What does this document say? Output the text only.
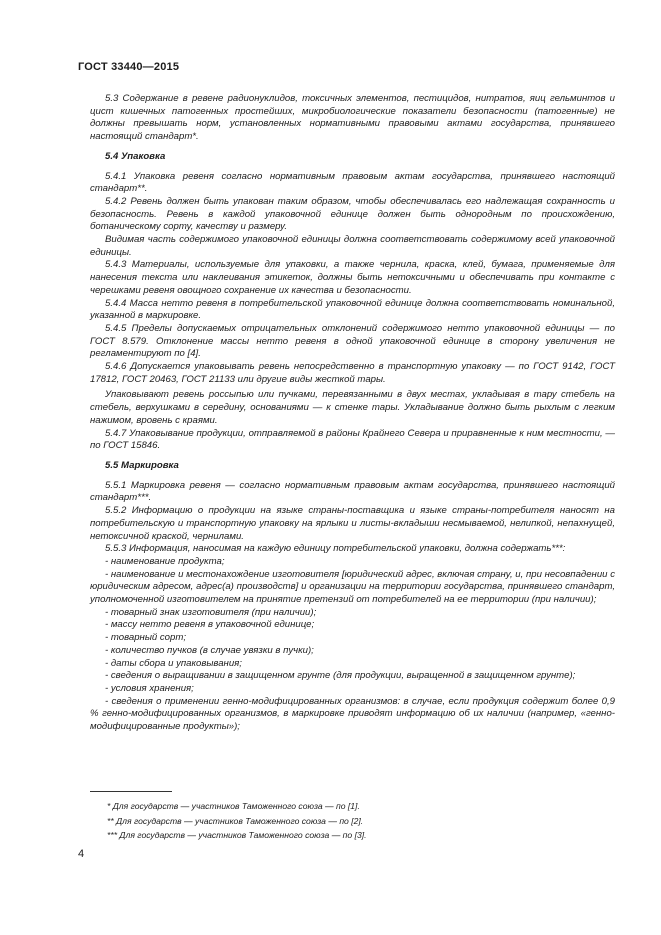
ГОСТ 33440—2015

5.3 Содержание в ревене радионуклидов, токсичных элементов, пестицидов, нитратов, яиц гельминтов и цист кишечных патогенных простейших, микробиологические показатели безопасности (патогенные) не должны превышать норм, установленных нормативными правовыми актами государства, принявшего настоящий стандарт*.

5.4 Упаковка

5.4.1 Упаковка ревеня согласно нормативным правовым актам государства, принявшего настоящий стандарт**.

5.4.2 Ревень должен быть упакован таким образом, чтобы обеспечивалась его надлежащая сохранность и безопасность. Ревень в каждой упаковочной единице должен быть однородным по происхождению, ботаническому сорту, качеству и размеру.

Видимая часть содержимого упаковочной единицы должна соответствовать содержимому всей упаковочной единицы.

5.4.3 Материалы, используемые для упаковки, а также чернила, краска, клей, бумага, применяемые для нанесения текста или наклеивания этикеток, должны быть нетоксичными и обеспечивать при контакте с черешками ревеня овощного сохранение их качества и безопасности.

5.4.4 Масса нетто ревеня в потребительской упаковочной единице должна соответствовать номинальной, указанной в маркировке.

5.4.5 Пределы допускаемых отрицательных отклонений содержимого нетто упаковочной единицы — по ГОСТ 8.579. Отклонение массы нетто ревеня в одной упаковочной единице в сторону увеличения не регламентируют по [4].

5.4.6 Допускается упаковывать ревень непосредственно в транспортную упаковку — по ГОСТ 9142, ГОСТ 17812, ГОСТ 20463, ГОСТ 21133 или другие виды жесткой тары.

Упаковывают ревень россыпью или пучками, перевязанными в двух местах, укладывая в тару стебель на стебель, верхушками в середину, основаниями — к стенке тары. Укладывание должно быть рыхлым с легким нажимом, вровень с краями.

5.4.7 Упаковывание продукции, отправляемой в районы Крайнего Севера и приравненные к ним местности, — по ГОСТ 15846.

5.5 Маркировка

5.5.1 Маркировка ревеня — согласно нормативным правовым актам государства, принявшего настоящий стандарт***.

5.5.2 Информацию о продукции на языке страны-поставщика и языке страны-потребителя наносят на потребительскую и транспортную упаковку на ярлыки и листы-вкладыши несмываемой, нелипкой, непахнущей, нетоксичной краской, чернилами.

5.5.3 Информация, наносимая на каждую единицу потребительской упаковки, должна содержать***:

- наименование продукта;

- наименование и местонахождение изготовителя [юридический адрес, включая страну, и, при несовпадении с юридическим адресом, адрес(а) производств] и организации на территории государства, принявшего стандарт, уполномоченной изготовителем на принятие претензий от потребителей на ее территории (при наличии);

- товарный знак изготовителя (при наличии);

- массу нетто ревеня в упаковочной единице;

- товарный сорт;

- количество пучков (в случае увязки в пучки);

- даты сбора и упаковывания;

- сведения о выращивании в защищенном грунте (для продукции, выращенной в защищенном грунте);

- условия хранения;

- сведения о применении генно-модифицированных организмов: в случае, если продукция содержит более 0,9 % генно-модифицированных организмов, в маркировке приводят информацию об их наличии (например, «генно-модифицированные продукты»);

* Для государств — участников Таможенного союза — по [1].
** Для государств — участников Таможенного союза — по [2].
*** Для государств — участников Таможенного союза — по [3].
4
